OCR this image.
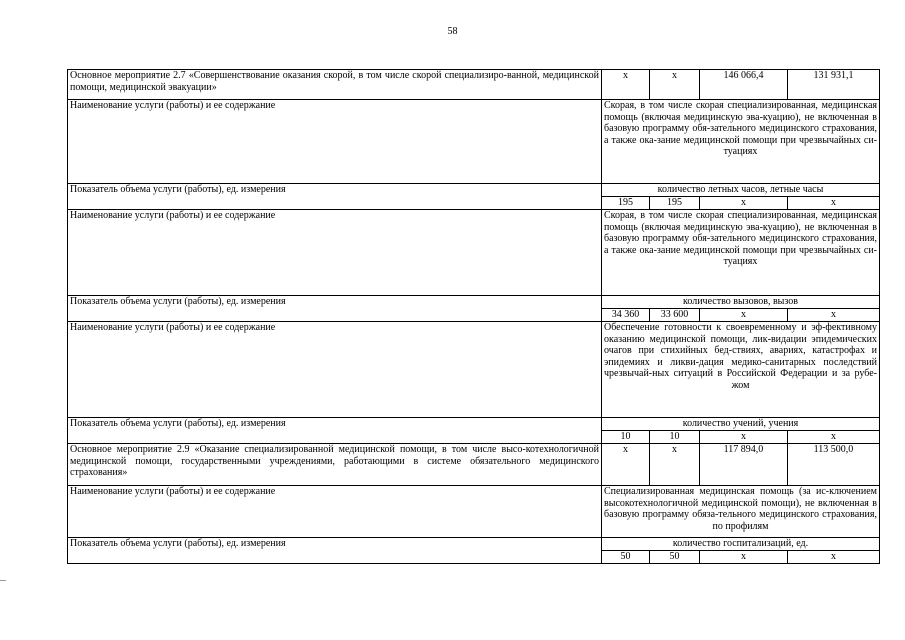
58
Основное мероприятие 2.7 «Совершенствование оказания скорой, в том числе скорой специализиро-ванной, медицинской помощи, медицинской эвакуации»	х	х	146 066,4	131 931,1
Наименование услуги (работы) и ее содержание	Скорая, в том числе скорая специализированная, медицинская помощь (включая медицинскую эва-куацию), не включенная в базовую программу обя-зательного медицинского страхования, а также ока-зание медицинской помощи при чрезвычайных си-туациях			
Показатель объема услуги (работы), ед. измерения	количество летных часов, летные часы			
	195	195	х	х
Наименование услуги (работы) и ее содержание	Скорая, в том числе скорая специализированная, медицинская помощь (включая медицинскую эва-куацию), не включенная в базовую программу обя-зательного медицинского страхования, а также ока-зание медицинской помощи при чрезвычайных си-туациях			
Показатель объема услуги (работы), ед. измерения	количество вызовов, вызов			
	34 360	33 600	х	х
Наименование услуги (работы) и ее содержание	Обеспечение готовности к своевременному и эф-фективному оказанию медицинской помощи, лик-видации эпидемических очагов при стихийных бед-ствиях, авариях, катастрофах и эпидемиях и ликви-дация медико-санитарных последствий чрезвычай-ных ситуаций в Российской Федерации и за рубе-жом			
Показатель объема услуги (работы), ед. измерения	количество учений, учения			
	10	10	х	х
Основное мероприятие 2.9 «Оказание специализированной медицинской помощи, в том числе высо-котехнологичной медицинской помощи, государственными учреждениями, работающими в системе обязательного медицинского страхования»	х	х	117 894,0	113 500,0
Наименование услуги (работы) и ее содержание	Специализированная медицинская помощь (за ис-ключением высокотехнологичной медицинской помощи), не включенная в базовую программу обяза-тельного медицинского страхования, по профилям			
Показатель объема услуги (работы), ед. измерения	количество госпитализаций, ед.			
	50	50	х	х
